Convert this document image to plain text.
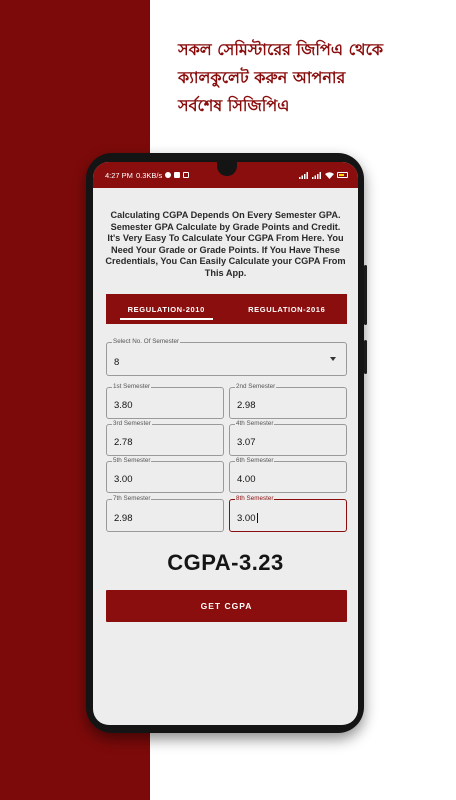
সকল সেমিস্টারের জিপিএ থেকে
ক্যালকুলেট করুন আপনার
সর্বশেষ সিজিপিএ
4:27 PM 0.3KB/s
Calculating CGPA Depends On Every Semester GPA. Semester GPA Calculate by Grade Points and Credit. It's Very Easy To Calculate Your CGPA From Here. You Need Your Grade or Grade Points. If You Have These Credentials, You Can Easily Calculate your CGPA From This App.
REGULATION-2010	REGULATION-2016
Select No. Of Semester
8
1st Semester
3.80
2nd Semester
2.98
3rd Semester
2.78
4th Semester
3.07
5th Semester
3.00
6th Semester
4.00
7th Semester
2.98
8th Semester
3.00
CGPA-3.23
GET CGPA
